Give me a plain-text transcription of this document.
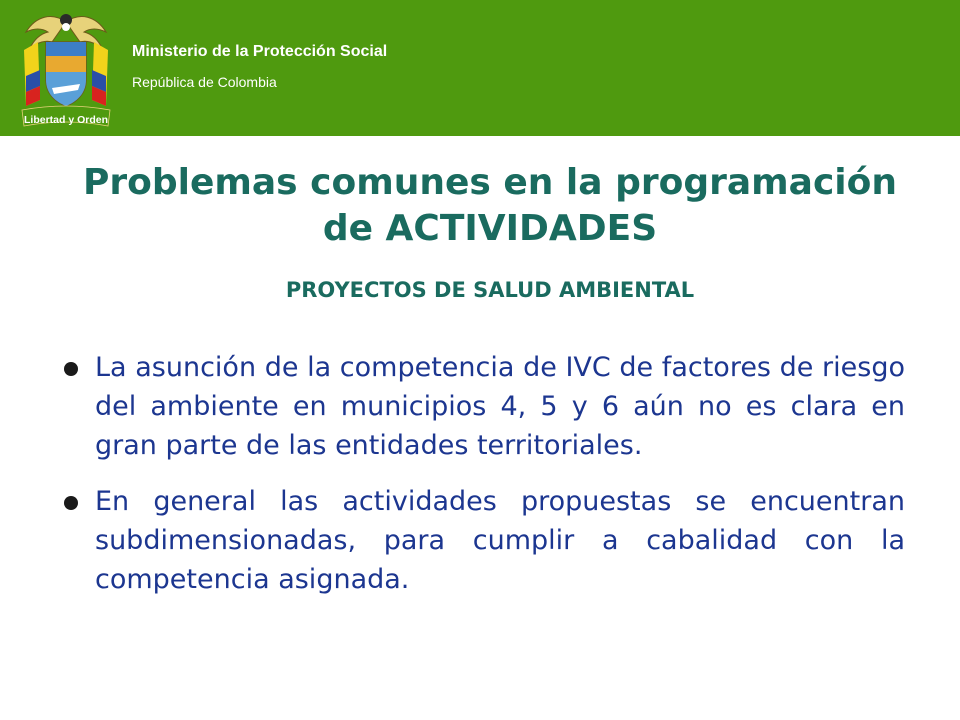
Libertad y Orden
Ministerio de la Protección Social
República de Colombia
Problemas comunes en la programación de ACTIVIDADES
PROYECTOS DE SALUD AMBIENTAL
La asunción de la competencia de IVC de factores de riesgo del ambiente en municipios 4, 5 y 6 aún no es clara en gran parte de las entidades territoriales.
En general las actividades propuestas se encuentran subdimensionadas, para cumplir a cabalidad con la competencia asignada.
